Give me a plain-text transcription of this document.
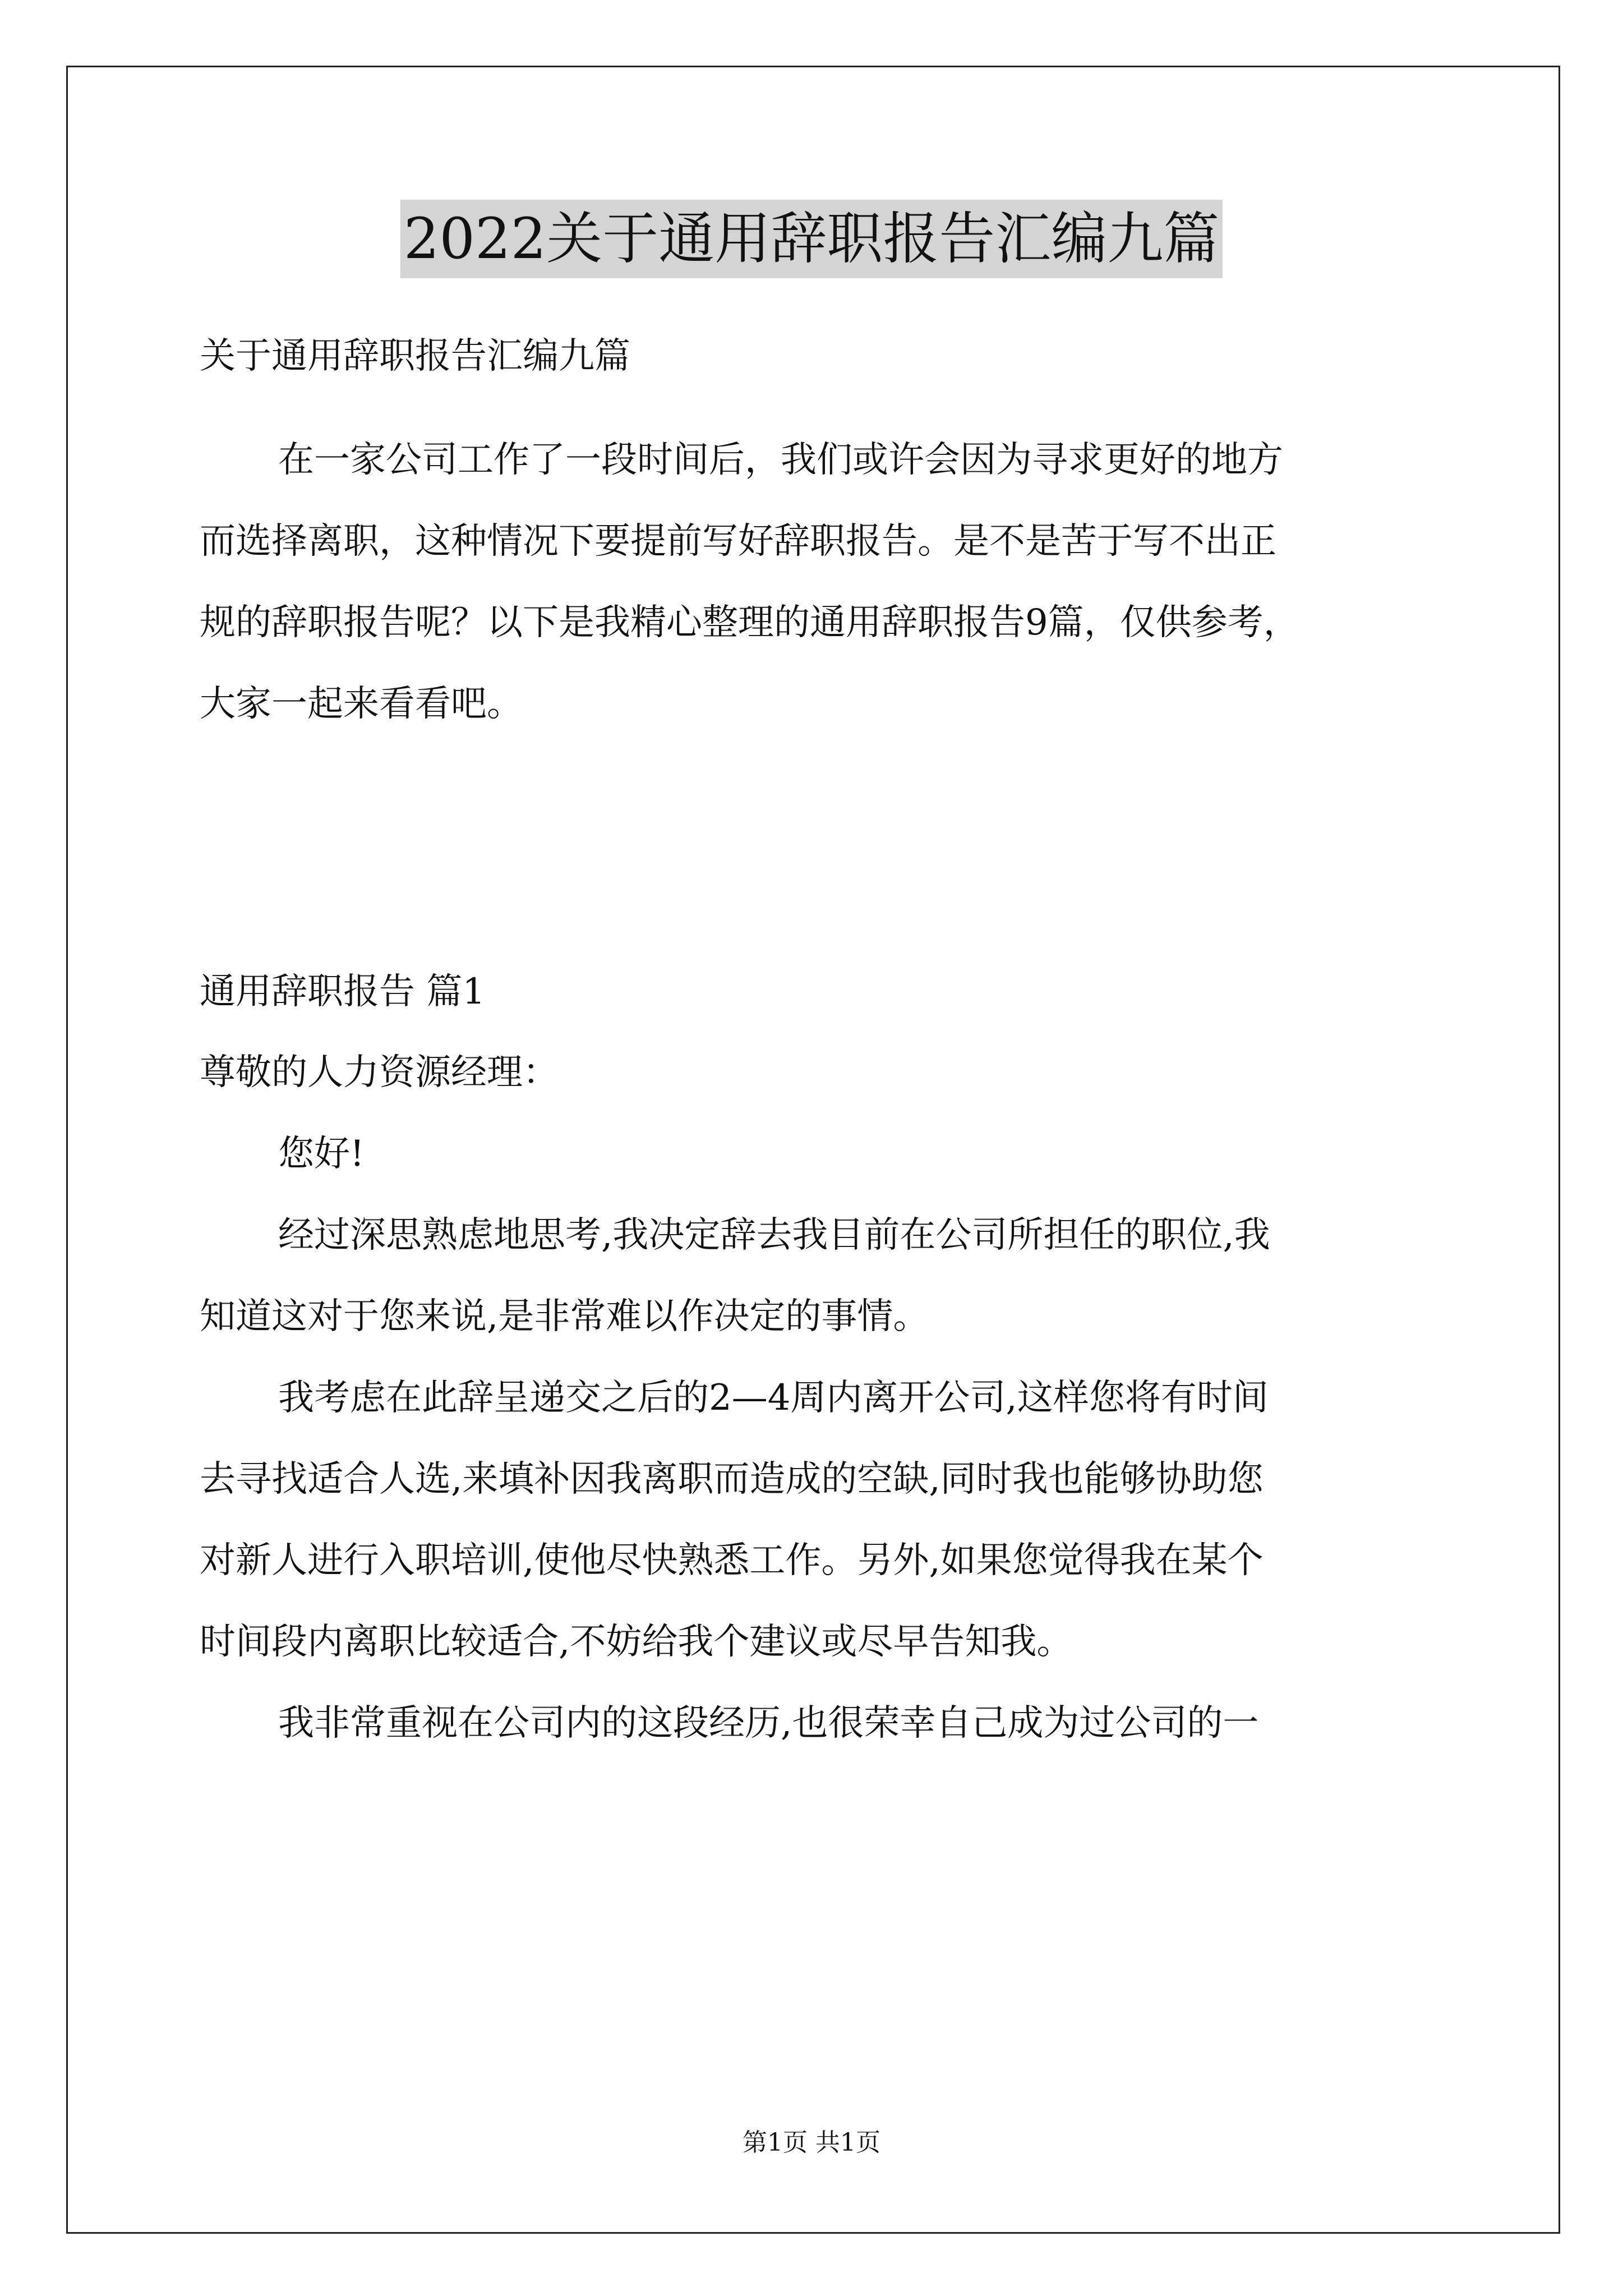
2022关于通用辞职报告汇编九篇
关于通用辞职报告汇编九篇
在一家公司工作了一段时间后，我们或许会因为寻求更好的地方
而选择离职，这种情况下要提前写好辞职报告。是不是苦于写不出正
规的辞职报告呢？以下是我精心整理的通用辞职报告9篇，仅供参考，
大家一起来看看吧。
通用辞职报告 篇1
尊敬的人力资源经理：
您好!
经过深思熟虑地思考,我决定辞去我目前在公司所担任的职位,我
知道这对于您来说,是非常难以作决定的事情。
我考虑在此辞呈递交之后的2—4周内离开公司,这样您将有时间
去寻找适合人选,来填补因我离职而造成的空缺,同时我也能够协助您
对新人进行入职培训,使他尽快熟悉工作。另外,如果您觉得我在某个
时间段内离职比较适合,不妨给我个建议或尽早告知我。
我非常重视在公司内的这段经历,也很荣幸自己成为过公司的一
第1页 共1页
